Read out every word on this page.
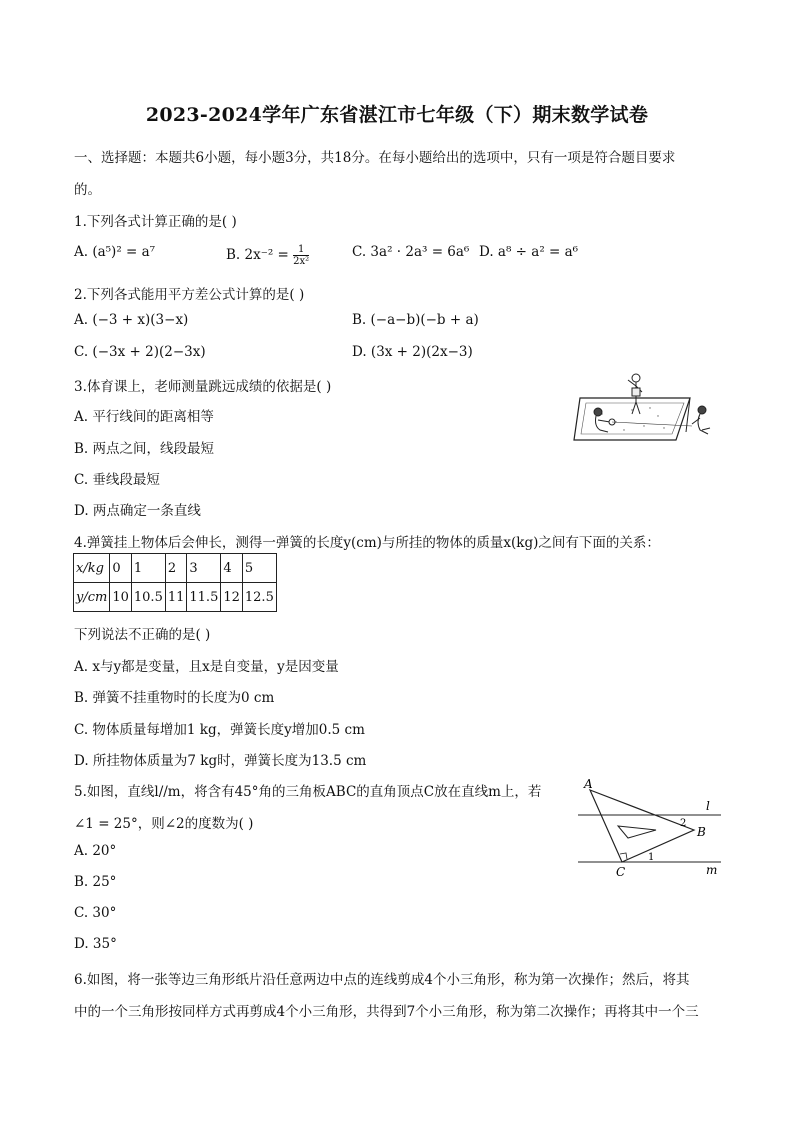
2023-2024学年广东省湛江市七年级（下）期末数学试卷
一、选择题：本题共6小题，每小题3分，共18分。在每小题给出的选项中，只有一项是符合题目要求
的。
1.下列各式计算正确的是( )
A. (a⁵)² = a⁷	B. $2x^{-2} = \frac{1}{\text{2x²}}$	C. 3a² · 2a³ = 6a⁶ D. a⁸ ÷ a² = a⁶
2.下列各式能用平方差公式计算的是( )
A. (−3 + x)(3−x)	B. (−a−b)(−b + a)
C. (−3x + 2)(2−3x)	D. (3x + 2)(2x−3)
3.体育课上，老师测量跳远成绩的依据是( )
A. 平行线间的距离相等
B. 两点之间，线段最短
C. 垂线段最短
D. 两点确定一条直线
4.弹簧挂上物体后会伸长，测得一弹簧的长度y(cm)与所挂的物体的质量x(kg)之间有下面的关系：
x/kg	0	1	2	3	4	5
y/cm	10	10.5	11	11.5	12	12.5
下列说法不正确的是( )
A. x与y都是变量，且x是自变量，y是因变量
B. 弹簧不挂重物时的长度为0 cm
C. 物体质量每增加1 kg，弹簧长度y增加0.5 cm
D. 所挂物体质量为7 kg时，弹簧长度为13.5 cm
5.如图，直线l//m，将含有45°角的三角板ABC的直角顶点C放在直线m上，若
∠1 = 25°，则∠2的度数为( )
A. 20°
B. 25°
C. 30°
D. 35°
A
B
C
l
m
2
1
6.如图，将一张等边三角形纸片沿任意两边中点的连线剪成4个小三角形，称为第一次操作；然后，将其
中的一个三角形按同样方式再剪成4个小三角形，共得到7个小三角形，称为第二次操作；再将其中一个三
